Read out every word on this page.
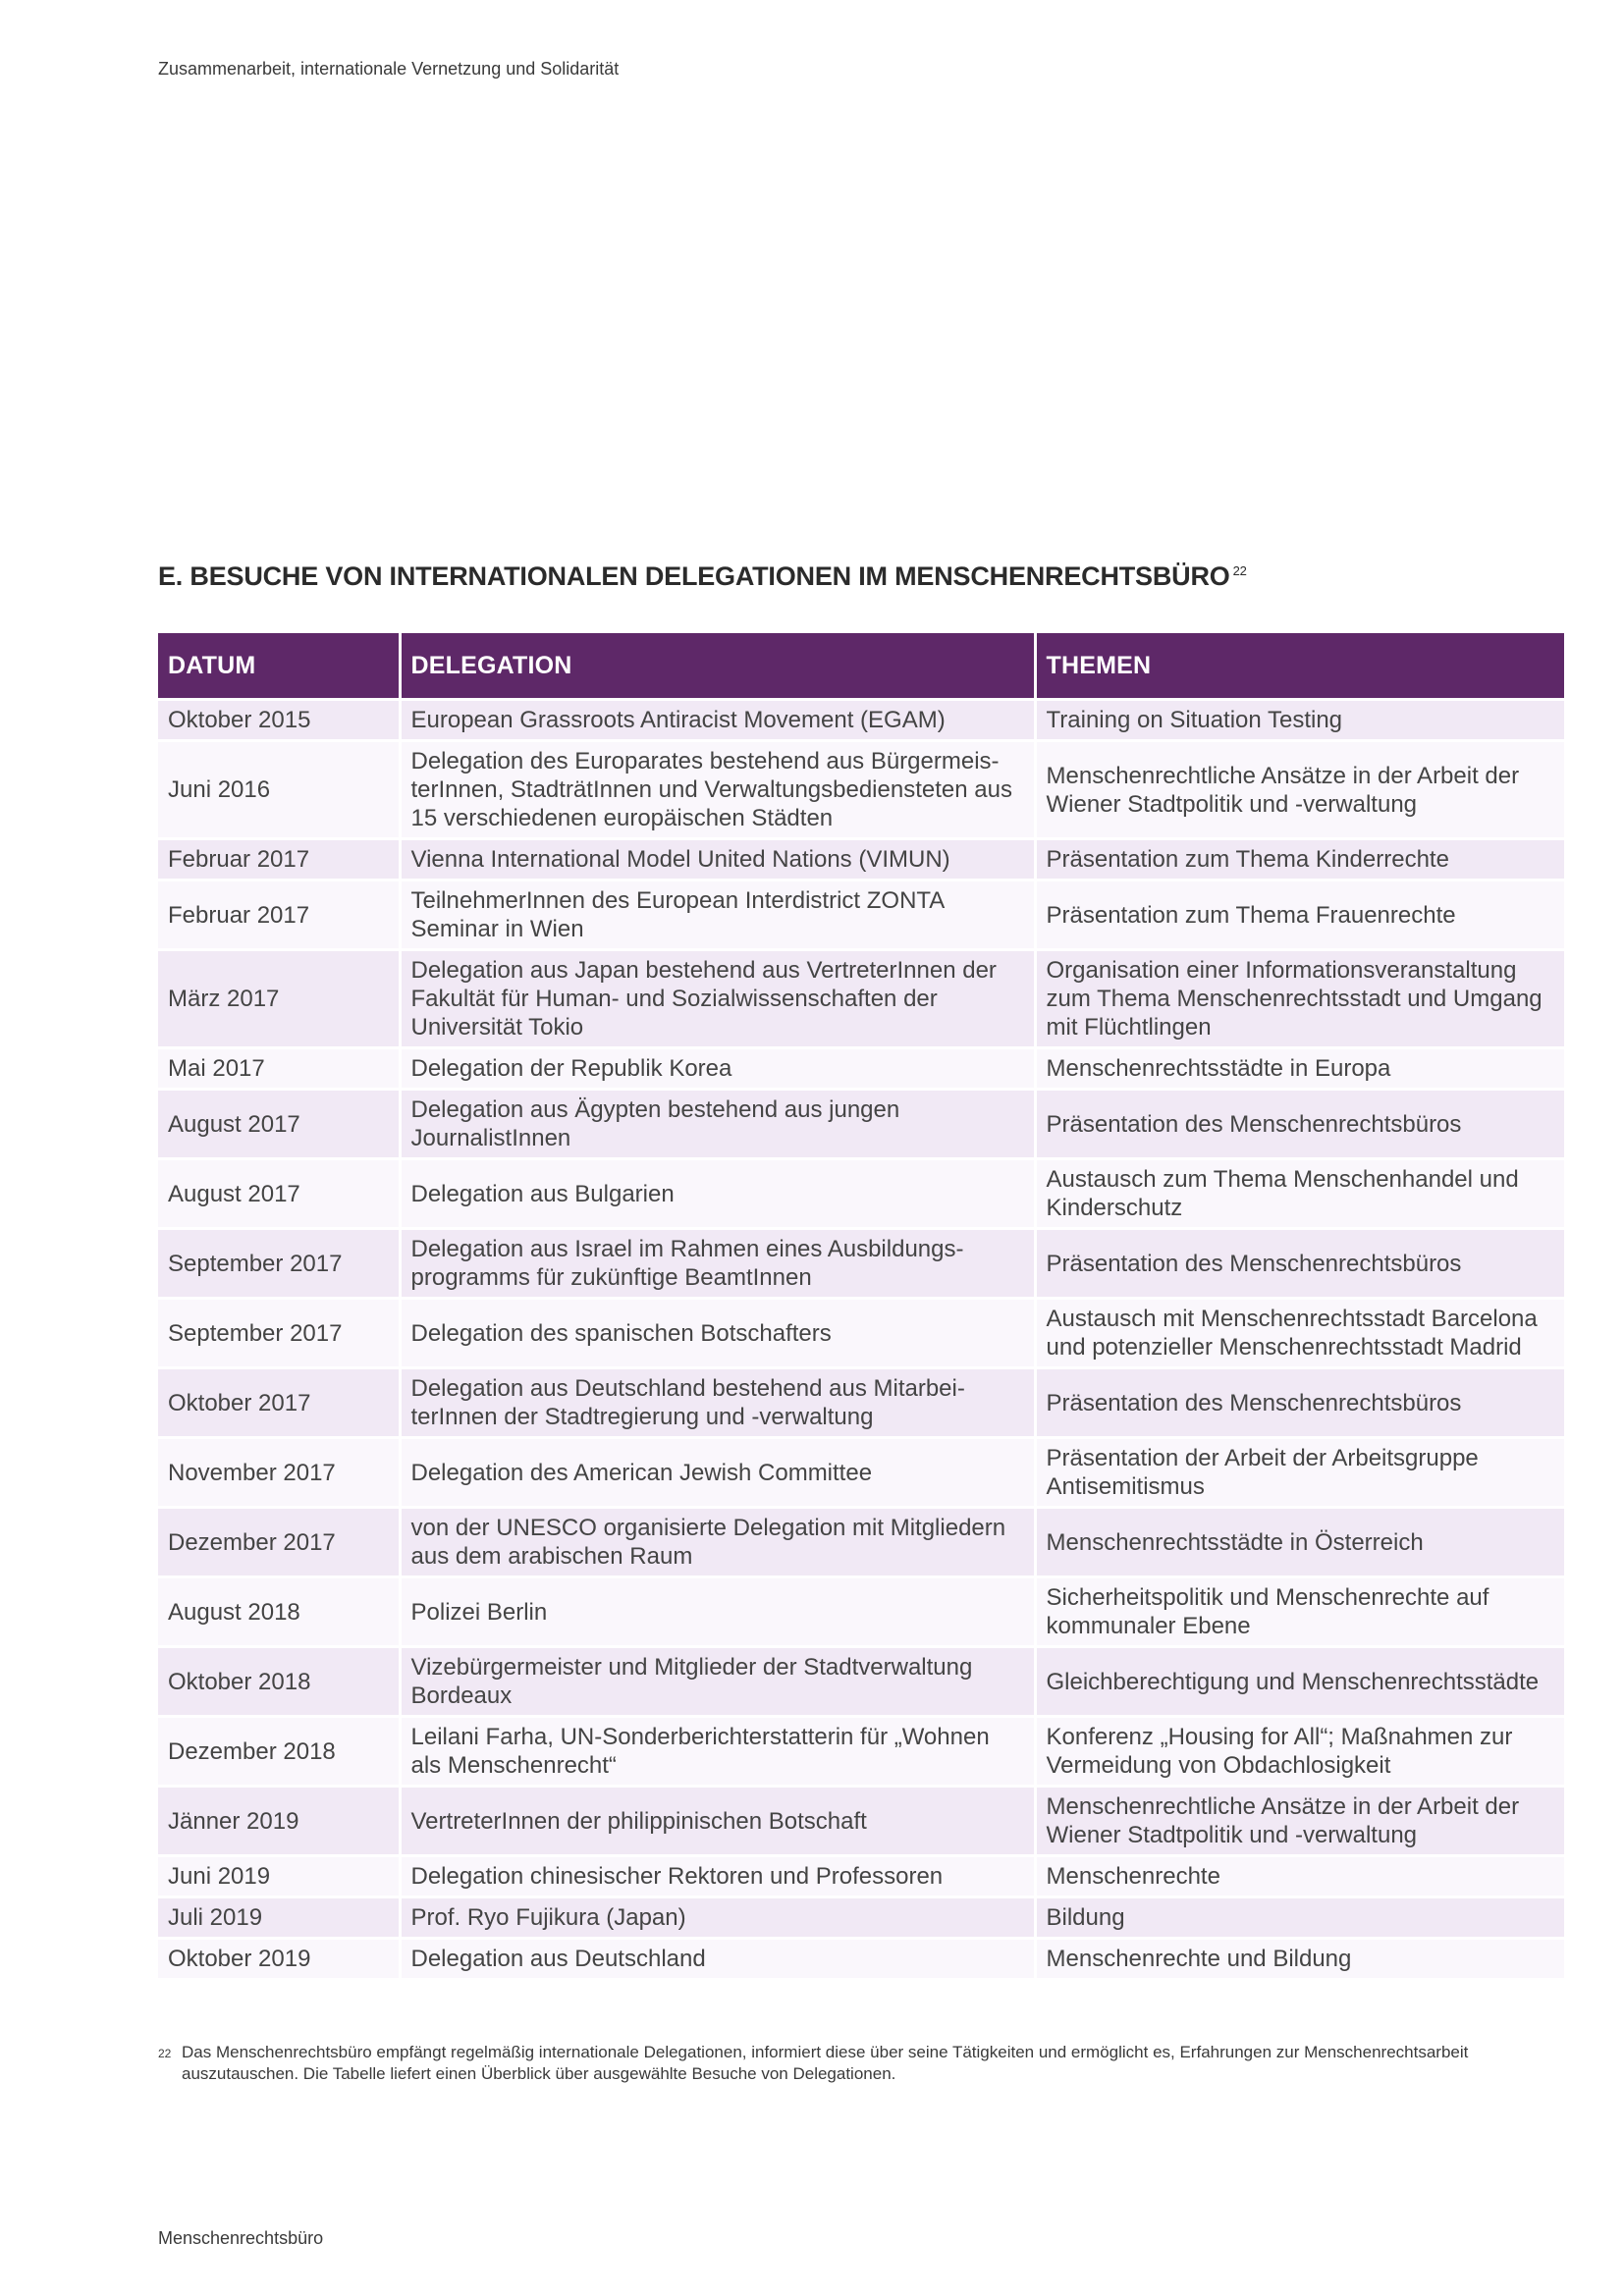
Zusammenarbeit, internationale Vernetzung und Solidarität
E. BESUCHE VON INTERNATIONALEN DELEGATIONEN IM MENSCHENRECHTSBÜRO $^{22}$
DATUM	DELEGATION	THEMEN
Oktober 2015	European Grassroots Antiracist Movement (EGAM)	Training on Situation Testing
Juni 2016	Delegation des Europarates bestehend aus BürgermeisterInnen, StadträtInnen und Verwaltungsbediensteten aus 15 verschiedenen europäischen Städten	Menschenrechtliche Ansätze in der Arbeit der Wiener Stadtpolitik und -verwaltung
Februar 2017	Vienna International Model United Nations (VIMUN)	Präsentation zum Thema Kinderrechte
Februar 2017	TeilnehmerInnen des European Interdistrict ZONTA Seminar in Wien	Präsentation zum Thema Frauenrechte
März 2017	Delegation aus Japan bestehend aus VertreterInnen der Fakultät für Human- und Sozialwissenschaften der Universität Tokio	Organisation einer Informationsveranstaltung zum Thema Menschenrechtsstadt und Umgang mit Flüchtlingen
Mai 2017	Delegation der Republik Korea	Menschenrechtsstädte in Europa
August 2017	Delegation aus Ägypten bestehend aus jungen JournalistInnen	Präsentation des Menschenrechtsbüros
August 2017	Delegation aus Bulgarien	Austausch zum Thema Menschenhandel und Kinderschutz
September 2017	Delegation aus Israel im Rahmen eines Ausbildungsprogramms für zukünftige BeamtInnen	Präsentation des Menschenrechtsbüros
September 2017	Delegation des spanischen Botschafters	Austausch mit Menschenrechtsstadt Barcelona und potenzieller Menschenrechtsstadt Madrid
Oktober 2017	Delegation aus Deutschland bestehend aus MitarbeiterInnen der Stadtregierung und -verwaltung	Präsentation des Menschenrechtsbüros
November 2017	Delegation des American Jewish Committee	Präsentation der Arbeit der Arbeitsgruppe Antisemitismus
Dezember 2017	von der UNESCO organisierte Delegation mit Mitgliedern aus dem arabischen Raum	Menschenrechtsstädte in Österreich
August 2018	Polizei Berlin	Sicherheitspolitik und Menschenrechte auf kommunaler Ebene
Oktober 2018	Vizebürgermeister und Mitglieder der Stadtverwaltung Bordeaux	Gleichberechtigung und Menschenrechtsstädte
Dezember 2018	Leilani Farha, UN-Sonderberichterstatterin für „Wohnen als Menschenrecht“	Konferenz „Housing for All“; Maßnahmen zur Vermeidung von Obdachlosigkeit
Jänner 2019	VertreterInnen der philippinischen Botschaft	Menschenrechtliche Ansätze in der Arbeit der Wiener Stadtpolitik und -verwaltung
Juni 2019	Delegation chinesischer Rektoren und Professoren	Menschenrechte
Juli 2019	Prof. Ryo Fujikura (Japan)	Bildung
Oktober 2019	Delegation aus Deutschland	Menschenrechte und Bildung
22 Das Menschenrechtsbüro empfängt regelmäßig internationale Delegationen, informiert diese über seine Tätigkeiten und ermöglicht es, Erfahrungen zur Menschenrechtsarbeit auszutauschen. Die Tabelle liefert einen Überblick über ausgewählte Besuche von Delegationen.
Menschenrechtsbüro
